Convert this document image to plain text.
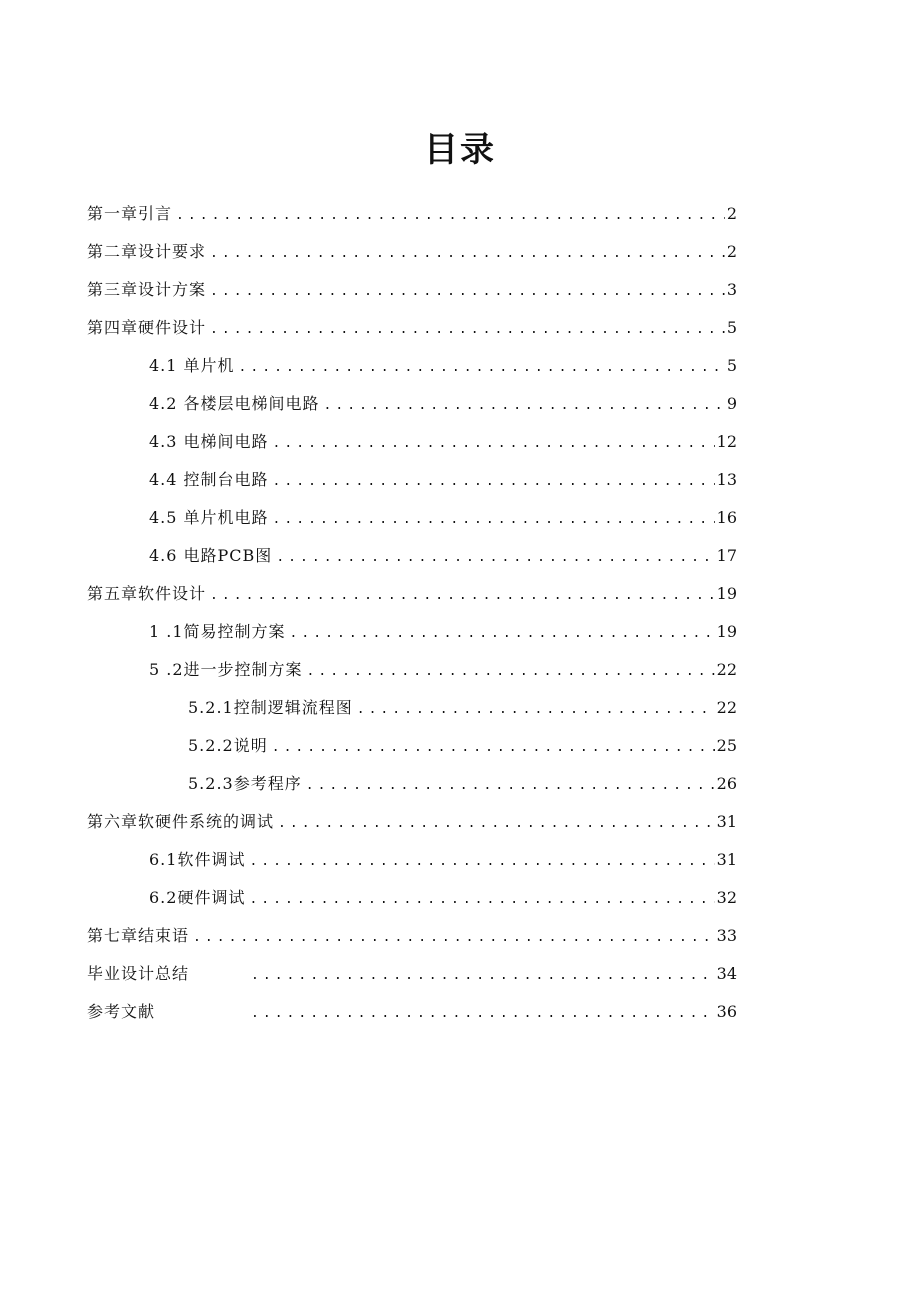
目录
第一章引言 . . .	2
第二章设计要求 . . .	2
第三章设计方案 . . .	3
第四章硬件设计 . . .	5
4.1 单片机 . . .	5
4.2 各楼层电梯间电路 . . .	9
4.3 电梯间电路 . . .	12
4.4 控制台电路 . . .	13
4.5 单片机电路 . . .	16
4.6 电路PCB图 . . .	17
第五章软件设计 . . .	19
1 .1简易控制方案 . . .	19
5 .2进一步控制方案 . . .	22
5.2.1控制逻辑流程图 . . .	22
5.2.2说明 . . .	25
5.2.3参考程序 . . .	26
第六章软硬件系统的调试 . . .	31
6.1软件调试 . . .	31
6.2硬件调试 . . .	32
第七章结束语 . . .	33
毕业设计总结 . . .	34
参考文献 . . .	36
